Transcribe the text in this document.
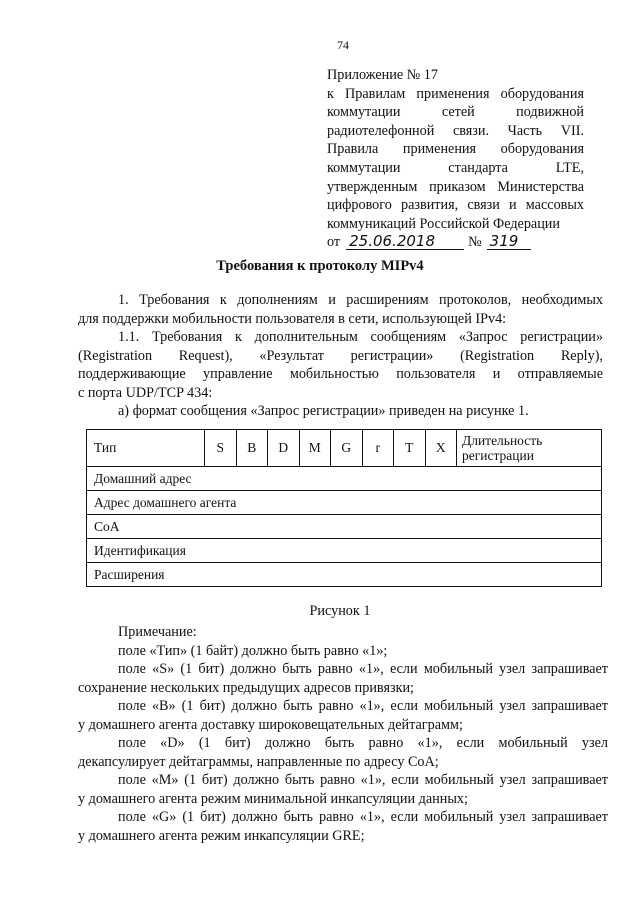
74
Приложение № 17
к Правилам применения оборудования
коммутации сетей подвижной
радиотелефонной связи. Часть VII.
Правила применения оборудования
коммутации стандарта LTE,
утвержденным приказом Министерства
цифрового развития, связи и массовых
коммуникаций Российской Федерации
от 25.06.2018	№ 319
Требования к протоколу MIPv4
1. Требования к дополнениям и расширениям протоколов, необходимых
для поддержки мобильности пользователя в сети, использующей IPv4:
1.1. Требования к дополнительным сообщениям «Запрос регистрации»
(Registration Request), «Результат регистрации» (Registration Reply),
поддерживающие управление мобильностью пользователя и отправляемые
с порта UDP/TCP 434:
а) формат сообщения «Запрос регистрации» приведен на рисунке 1.
Тип	S	B	D	M	G	r	T	X	Длительность
регистрации
Домашний адрес
Адрес домашнего агента
CoA
Идентификация
Расширения
Рисунок 1
Примечание:
поле «Тип» (1 байт) должно быть равно «1»;
поле «S» (1 бит) должно быть равно «1», если мобильный узел запрашивает
сохранение нескольких предыдущих адресов привязки;
поле «B» (1 бит) должно быть равно «1», если мобильный узел запрашивает
у домашнего агента доставку широковещательных дейтаграмм;
поле «D» (1 бит) должно быть равно «1», если мобильный узел
декапсулирует дейтаграммы, направленные по адресу CoA;
поле «M» (1 бит) должно быть равно «1», если мобильный узел запрашивает
у домашнего агента режим минимальной инкапсуляции данных;
поле «G» (1 бит) должно быть равно «1», если мобильный узел запрашивает
у домашнего агента режим инкапсуляции GRE;
